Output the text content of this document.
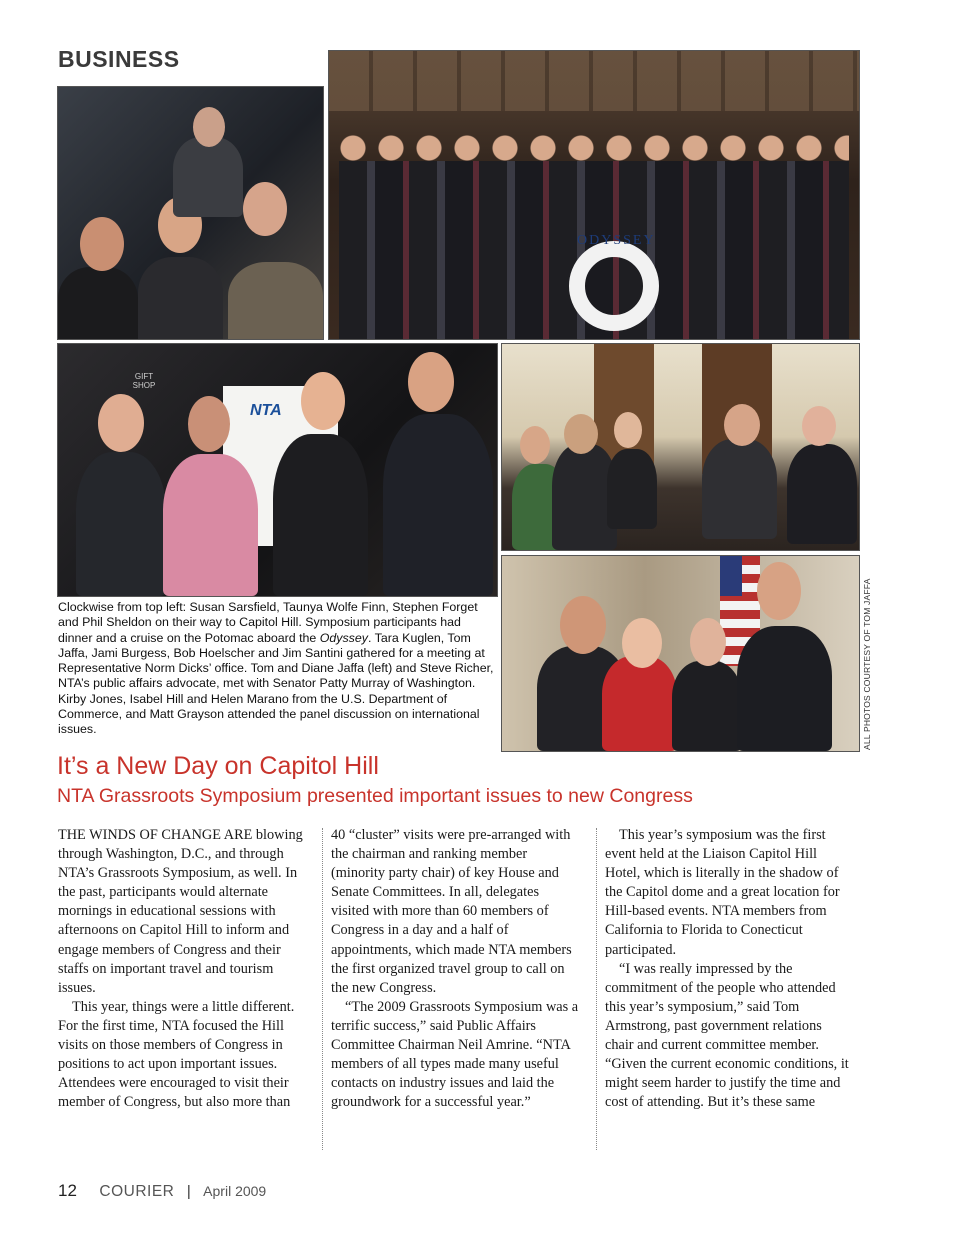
BUSINESS
ODYSSEY
GIFT SHOP
NTA
ALL PHOTOS COURTESY OF TOM JAFFA
Clockwise from top left: Susan Sarsfield, Taunya Wolfe Finn, Stephen Forget and Phil Sheldon on their way to Capitol Hill. Symposium participants had dinner and a cruise on the Potomac aboard the Odyssey. Tara Kuglen, Tom Jaffa, Jami Burgess, Bob Hoelscher and Jim Santini gathered for a meeting at Representative Norm Dicks’ office. Tom and Diane Jaffa (left) and Steve Richer, NTA’s public affairs advocate, met with Senator Patty Murray of Washington. Kirby Jones, Isabel Hill and Helen Marano from the U.S. Department of Commerce, and Matt Grayson attended the panel discussion on international issues.
It’s a New Day on Capitol Hill
NTA Grassroots Symposium presented important issues to new Congress

THE WINDS OF CHANGE ARE blowing through Washington, D.C., and through NTA’s Grassroots Symposium, as well. In the past, participants would alternate mornings in educational sessions with afternoons on Capitol Hill to inform and engage members of Congress and their staffs on important travel and tourism issues.

This year, things were a little different. For the first time, NTA focused the Hill visits on those members of Congress in positions to act upon important issues. Attendees were encouraged to visit their member of Congress, but also more than

40 “cluster” visits were pre-arranged with the chairman and ranking member (minority party chair) of key House and Senate Committees. In all, delegates visited with more than 60 members of Congress in a day and a half of appointments, which made NTA members the first organized travel group to call on the new Congress.

“The 2009 Grassroots Symposium was a terrific success,” said Public Affairs Committee Chairman Neil Amrine. “NTA members of all types made many useful contacts on industry issues and laid the groundwork for a successful year.”

This year’s symposium was the first event held at the Liaison Capitol Hill Hotel, which is literally in the shadow of the Capitol dome and a great location for Hill-based events. NTA members from California to Florida to Conecticut participated.

“I was really impressed by the commitment of the people who attended this year’s symposium,” said Tom Armstrong, past government relations chair and current committee member. “Given the current economic conditions, it might seem harder to justify the time and cost of attending. But it’s these same

12 COURIER | April 2009
